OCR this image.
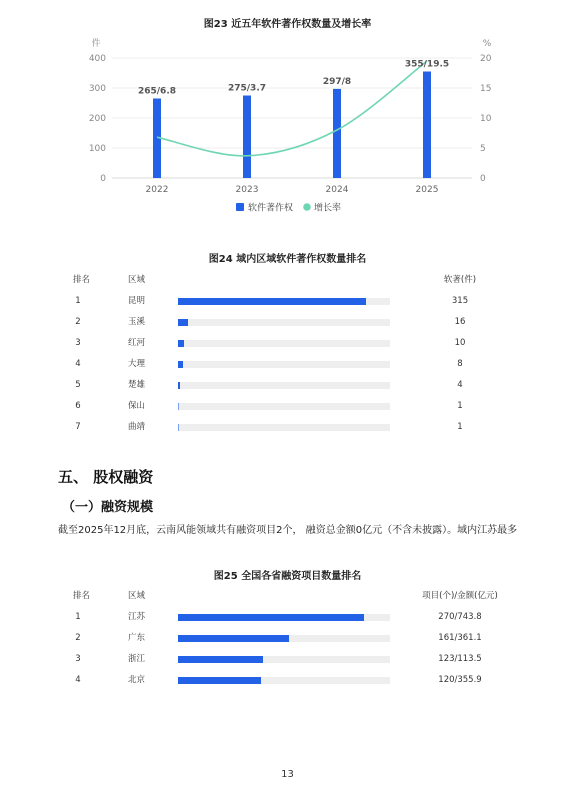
图23 近五年软件著作权数量及增长率
件	%
400
300
200
100
0
20
15
10
5
0
265/6.8	275/3.7
297/8
355/19.5
2022	2023	2024	2025
软件著作权 增长率
图24 域内区域软件著作权数量排名
排名	区域	软著(件)
1	昆明	315
2	玉溪	16
3	红河	10
4	大理	8
5	楚雄	4
6	保山	1
7	曲靖	1
五、 股权融资
（一）融资规模
截至2025年12月底，云南风能领域共有融资项目2个， 融资总金额0亿元（不含未披露）。域内江苏最多
图25 全国各省融资项目数量排名
排名	区域	项目(个)/金额(亿元)
1	江苏	270/743.8
2	广东	161/361.1
3	浙江	123/113.5
4	北京	120/355.9
13
